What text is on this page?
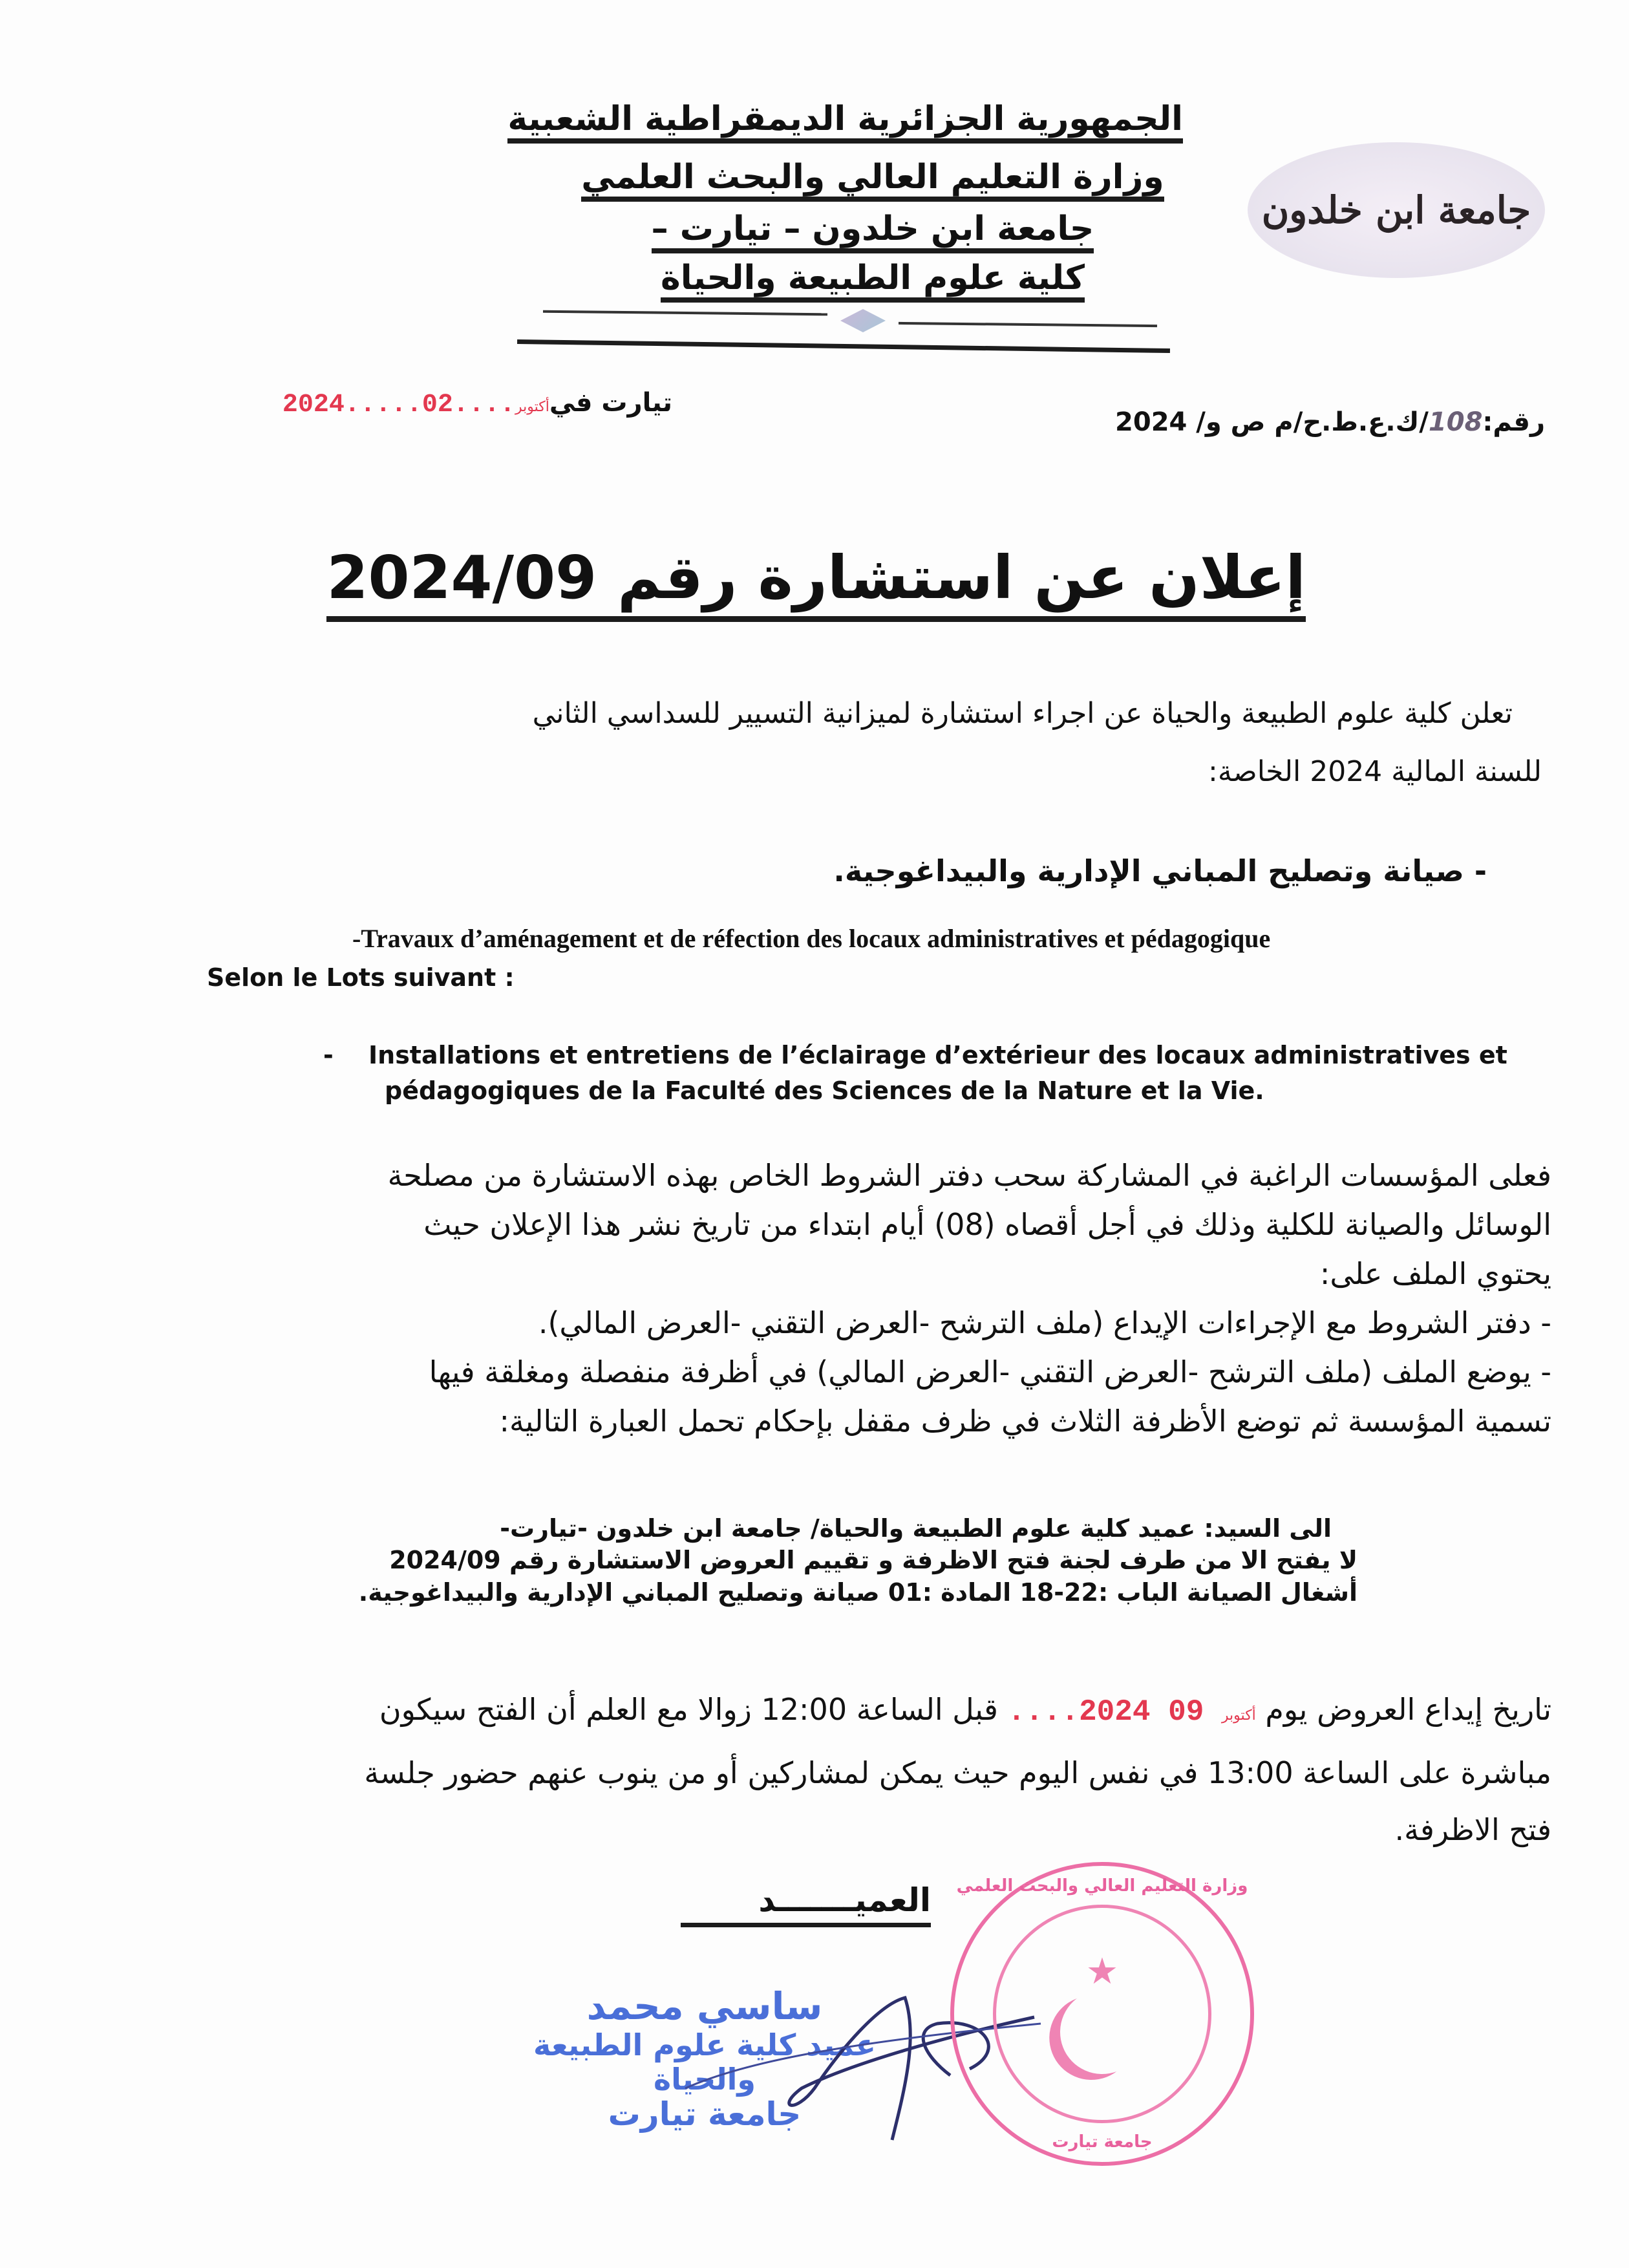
الجمهورية الجزائرية الديمقراطية الشعبية
وزارة التعليم العالي والبحث العلمي
جامعة ابن خلدون – تيارت –
كلية علوم الطبيعة والحياة
جامعة ابن خلدون
تيارت في2024.....	أكتوبر....02
رقم:108/ك.ع.ط.ح/م ص و/ 2024
إعلان عن استشارة رقم 2024/09
تعلن كلية علوم الطبيعة والحياة عن اجراء استشارة لميزانية التسيير للسداسي الثاني
للسنة المالية 2024 الخاصة:
- صيانة وتصليح المباني الإدارية والبيداغوجية.
-Travaux d’aménagement et de réfection des locaux administratives et pédagogique
Selon le Lots suivant :
- Installations et entretiens de l’éclairage d’extérieur des locaux administratives et
pédagogiques de la Faculté des Sciences de la Nature et la Vie.
فعلى المؤسسات الراغبة في المشاركة سحب دفتر الشروط الخاص بهذه الاستشارة من مصلحة
الوسائل والصيانة للكلية وذلك في أجل أقصاه (08) أيام ابتداء من تاريخ نشر هذا الإعلان حيث
يحتوي الملف على:
- دفتر الشروط مع الإجراءات الإيداع (ملف الترشح -العرض التقني -العرض المالي).
- يوضع الملف (ملف الترشح -العرض التقني -العرض المالي) في أظرفة منفصلة ومغلقة فيها
تسمية المؤسسة ثم توضع الأظرفة الثلاث في ظرف مقفل بإحكام تحمل العبارة التالية:
الى السيد: عميد كلية علوم الطبيعة والحياة/ جامعة ابن خلدون -تيارت-
لا يفتح الا من طرف لجنة فتح الاظرفة و تقييم العروض الاستشارة رقم 2024/09
أشغال الصيانة الباب :22-18 المادة :01 صيانة وتصليح المباني الإدارية والبيداغوجية.
تاريخ إيداع العروض يوم ....2024	أكتوبر 09 قبل الساعة 12:00 زوالا مع العلم أن الفتح سيكون
مباشرة على الساعة 13:00 في نفس اليوم حيث يمكن لمشاركين أو من ينوب عنهم حضور جلسة
فتح الاظرفة.
العميـــــــد
ساسي محمد
عميد كلية علوم الطبيعة والحياة
جامعة تيارت
وزارة التعليم العالي والبحث العلمي
★
جامعة تيارت
